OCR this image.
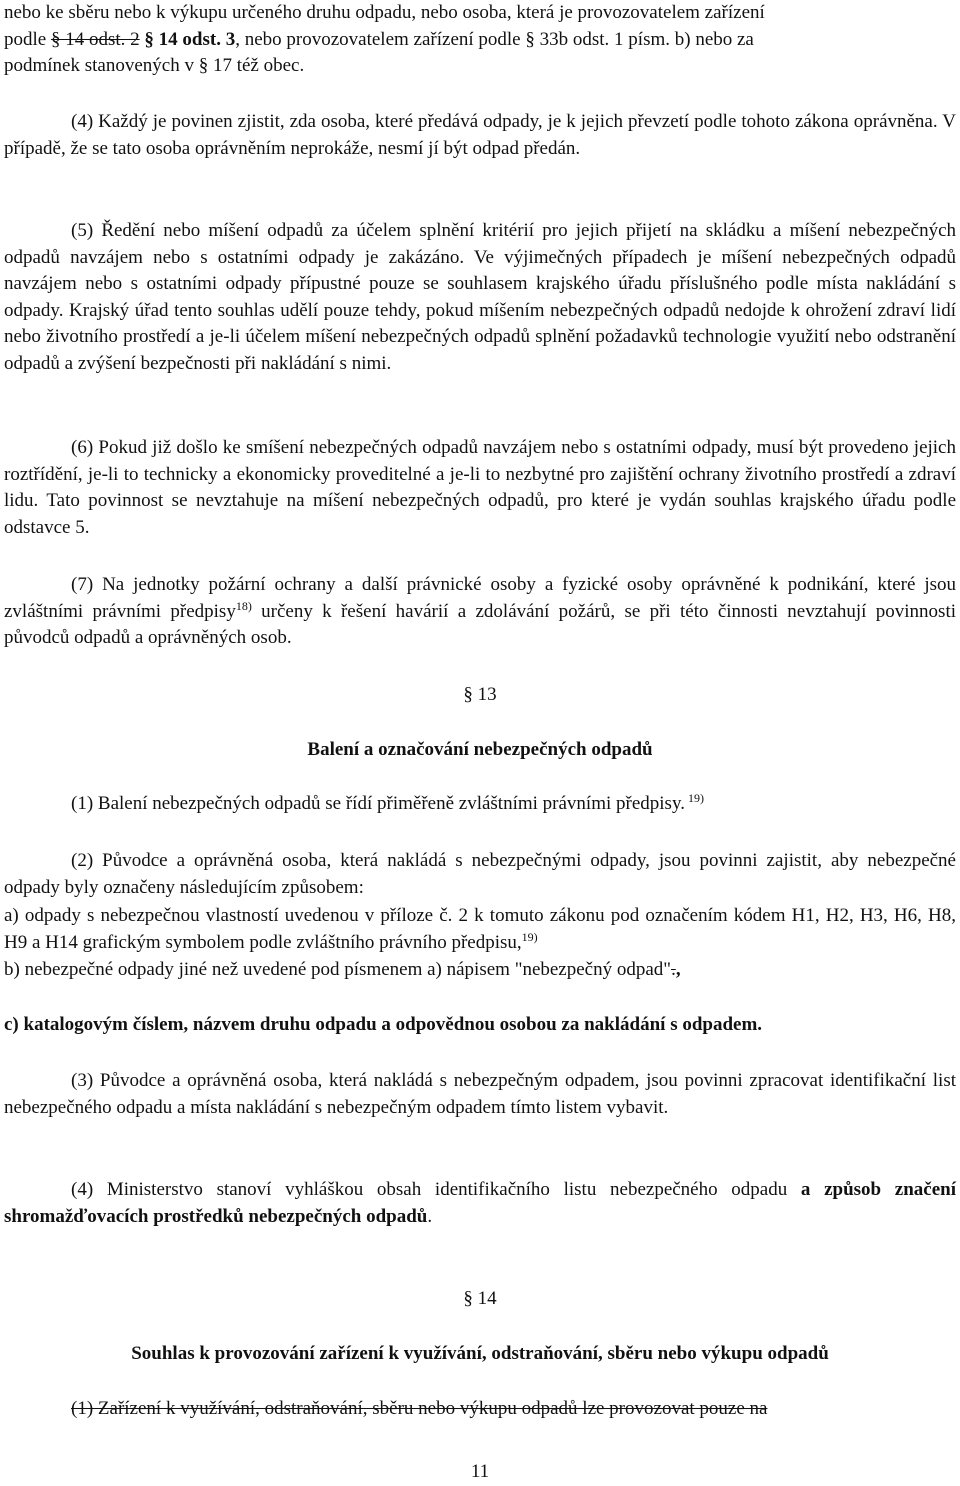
nebo ke sběru nebo k výkupu určeného druhu odpadu, nebo osoba, která je provozovatelem zařízení
podle § 14 odst. 2 § 14 odst. 3, nebo provozovatelem zařízení podle § 33b odst. 1 písm. b) nebo za
podmínek stanovených v § 17 též obec.

(4) Každý je povinen zjistit, zda osoba, které předává odpady, je k jejich převzetí podle tohoto zákona oprávněna. V případě, že se tato osoba oprávněním neprokáže, nesmí jí být odpad předán.

(5) Ředění nebo míšení odpadů za účelem splnění kritérií pro jejich přijetí na skládku a míšení nebezpečných odpadů navzájem nebo s ostatními odpady je zakázáno. Ve výjimečných případech je míšení nebezpečných odpadů navzájem nebo s ostatními odpady přípustné pouze se souhlasem krajského úřadu příslušného podle místa nakládání s odpady. Krajský úřad tento souhlas udělí pouze tehdy, pokud míšením nebezpečných odpadů nedojde k ohrožení zdraví lidí nebo životního prostředí a je-li účelem míšení nebezpečných odpadů splnění požadavků technologie využití nebo odstranění odpadů a zvýšení bezpečnosti při nakládání s nimi.

(6) Pokud již došlo ke smíšení nebezpečných odpadů navzájem nebo s ostatními odpady, musí být provedeno jejich roztřídění, je-li to technicky a ekonomicky proveditelné a je-li to nezbytné pro zajištění ochrany životního prostředí a zdraví lidu. Tato povinnost se nevztahuje na míšení nebezpečných odpadů, pro které je vydán souhlas krajského úřadu podle odstavce 5.

(7) Na jednotky požární ochrany a další právnické osoby a fyzické osoby oprávněné k podnikání, které jsou zvláštními právními předpisy$^{18)}$ určeny k řešení havárií a zdolávání požárů, se při této činnosti nevztahují povinnosti původců odpadů a oprávněných osob.

§ 13
Balení a označování nebezpečných odpadů

(1) Balení nebezpečných odpadů se řídí přiměřeně zvláštními právními předpisy. $^{19)}$

(2) Původce a oprávněná osoba, která nakládá s nebezpečnými odpady, jsou povinni zajistit, aby nebezpečné odpady byly označeny následujícím způsobem:

a) odpady s nebezpečnou vlastností uvedenou v příloze č. 2 k tomuto zákonu pod označením kódem H1, H2, H3, H6, H8, H9 a H14 grafickým symbolem podle zvláštního právního předpisu,$^{19)}$

b) nebezpečné odpady jiné než uvedené pod písmenem a) nápisem "nebezpečný odpad".,
c) katalogovým číslem, názvem druhu odpadu a odpovědnou osobou za nakládání s odpadem.

(3) Původce a oprávněná osoba, která nakládá s nebezpečným odpadem, jsou povinni zpracovat identifikační list nebezpečného odpadu a místa nakládání s nebezpečným odpadem tímto listem vybavit.

(4) Ministerstvo stanoví vyhláškou obsah identifikačního listu nebezpečného odpadu a způsob značení shromažďovacích prostředků nebezpečných odpadů.

§ 14
Souhlas k provozování zařízení k využívání, odstraňování, sběru nebo výkupu odpadů

(1) Zařízení k využívání, odstraňování, sběru nebo výkupu odpadů lze provozovat pouze na

11
